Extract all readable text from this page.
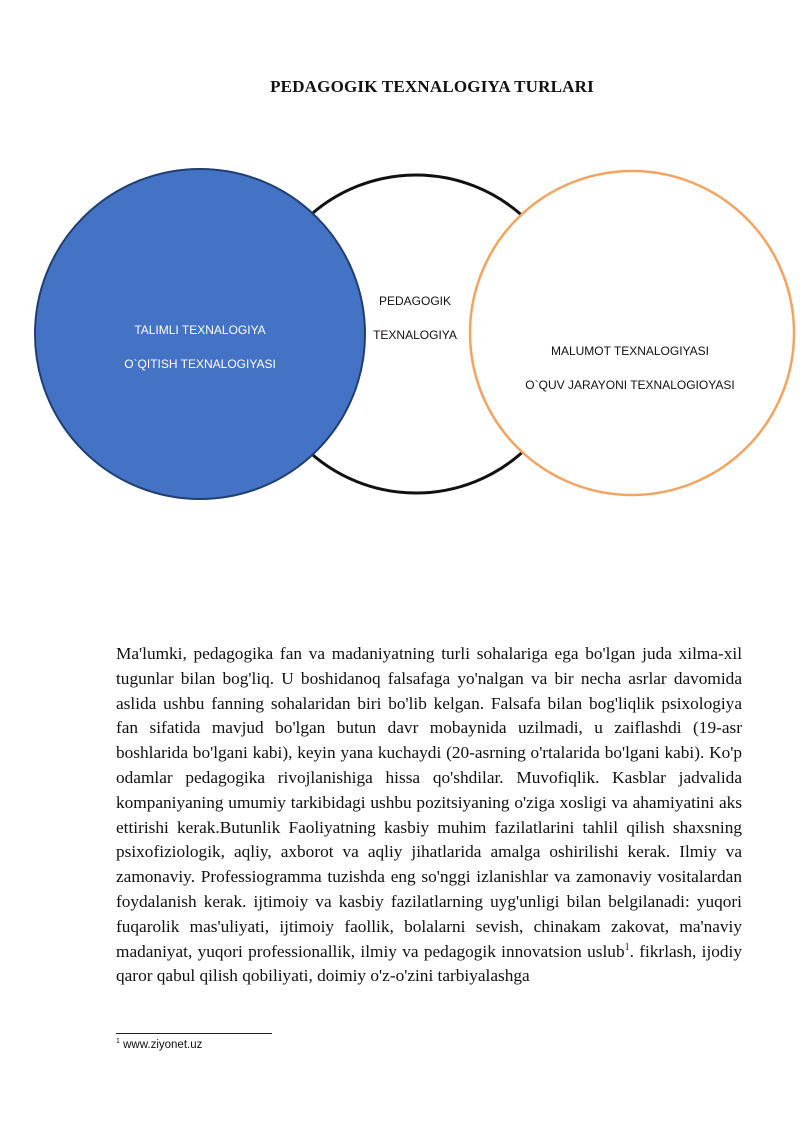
PEDAGOGIK TEXNALOGIYA TURLARI
TALIMLI TEXNALOGIYA
O`QITISH TEXNALOGIYASI
PEDAGOGIK
TEXNALOGIYA
MALUMOT TEXNALOGIYASI
O`QUV JARAYONI TEXNALOGIOYASI
Ma'lumki, pedagogika fan va madaniyatning turli sohalariga ega bo'lgan juda xilma-xil tugunlar bilan bog'liq. U boshidanoq falsafaga yo'nalgan va bir necha asrlar davomida aslida ushbu fanning sohalaridan biri bo'lib kelgan. Falsafa bilan bog'liqlik psixologiya fan sifatida mavjud bo'lgan butun davr mobaynida uzilmadi, u zaiflashdi (19-asr boshlarida bo'lgani kabi), keyin yana kuchaydi (20-asrning o'rtalarida bo'lgani kabi). Ko'p odamlar pedagogika rivojlanishiga hissa qo'shdilar. Muvofiqlik. Kasblar jadvalida kompaniyaning umumiy tarkibidagi ushbu pozitsiyaning o'ziga xosligi va ahamiyatini aks ettirishi kerak.Butunlik Faoliyatning kasbiy muhim fazilatlarini tahlil qilish shaxsning psixofiziologik, aqliy, axborot va aqliy jihatlarida amalga oshirilishi kerak. Ilmiy va zamonaviy. Professiogramma tuzishda eng so'nggi izlanishlar va zamonaviy vositalardan foydalanish kerak. ijtimoiy va kasbiy fazilatlarning uyg'unligi bilan belgilanadi: yuqori fuqarolik mas'uliyati, ijtimoiy faollik, bolalarni sevish, chinakam zakovat, ma'naviy madaniyat, yuqori professionallik, ilmiy va pedagogik innovatsion uslub$^1$. fikrlash, ijodiy qaror qabul qilish qobiliyati, doimiy o'z-o'zini tarbiyalashga
$^1$ www.ziyonet.uz
